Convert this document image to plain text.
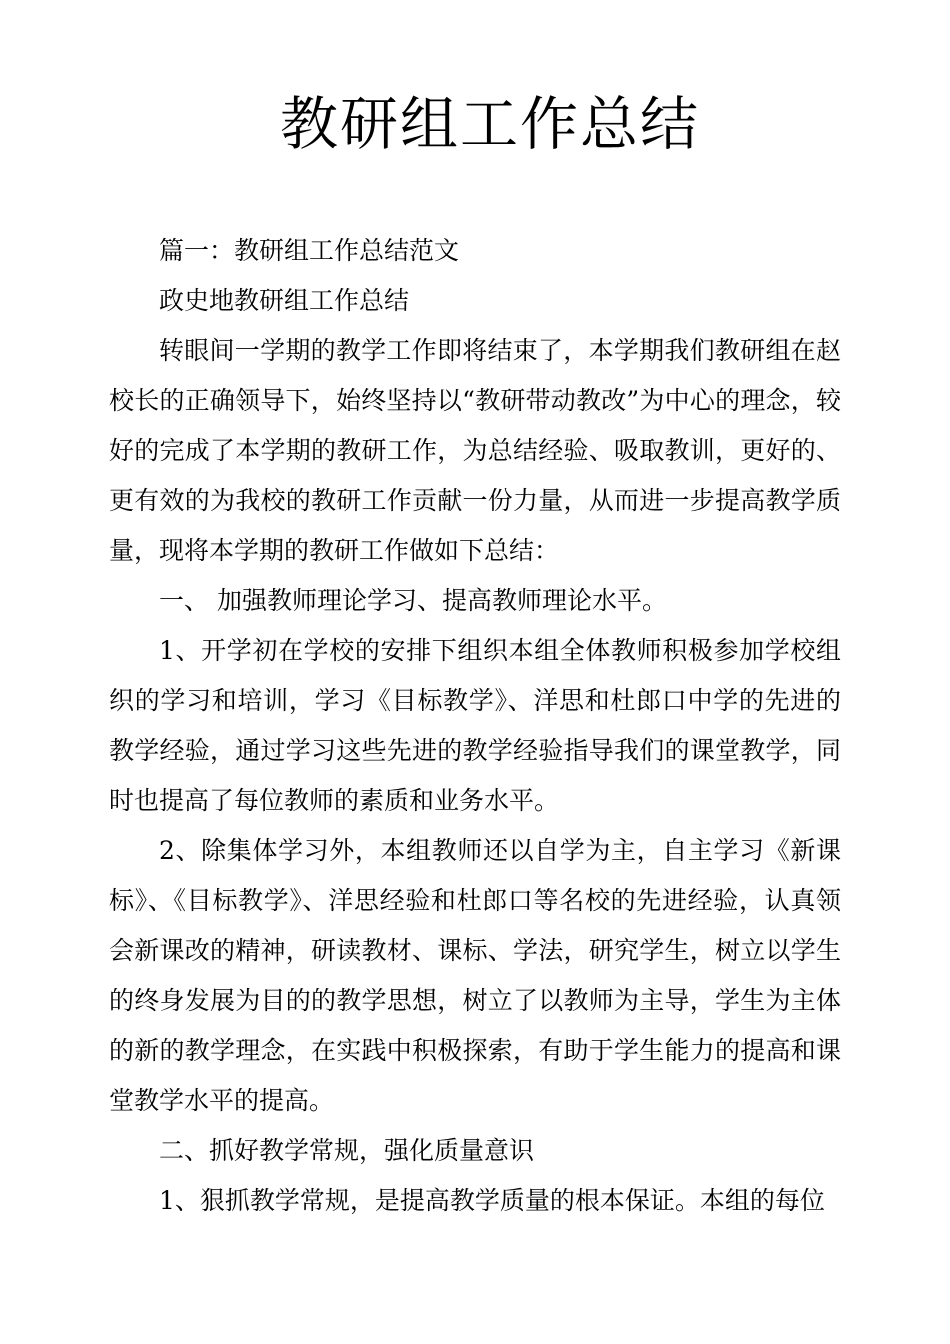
教研组工作总结

篇一：教研组工作总结范文

政史地教研组工作总结

转眼间一学期的教学工作即将结束了，本学期我们教研组在赵校长的正确领导下，始终坚持以“教研带动教改”为中心的理念，较好的完成了本学期的教研工作，为总结经验、吸取教训，更好的、更有效的为我校的教研工作贡献一份力量，从而进一步提高教学质量，现将本学期的教研工作做如下总结：

一、 加强教师理论学习、提高教师理论水平。

1、开学初在学校的安排下组织本组全体教师积极参加学校组织的学习和培训，学习《目标教学》、洋思和杜郎口中学的先进的教学经验，通过学习这些先进的教学经验指导我们的课堂教学，同时也提高了每位教师的素质和业务水平。

2、除集体学习外，本组教师还以自学为主，自主学习《新课标》、《目标教学》、洋思经验和杜郎口等名校的先进经验，认真领会新课改的精神，研读教材、课标、学法，研究学生，树立以学生的终身发展为目的的教学思想，树立了以教师为主导，学生为主体的新的教学理念，在实践中积极探索，有助于学生能力的提高和课堂教学水平的提高。

二、抓好教学常规，强化质量意识

1、狠抓教学常规，是提高教学质量的根本保证。本组的每位
